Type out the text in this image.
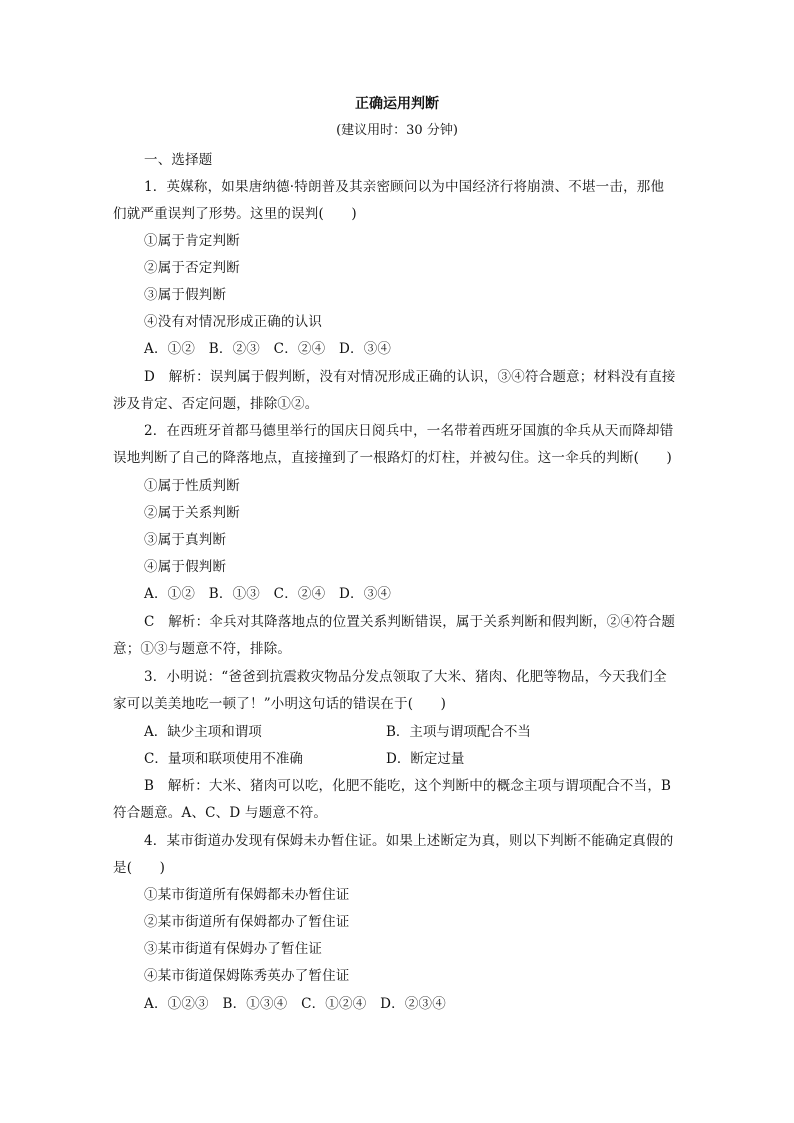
正确运用判断
(建议用时：30 分钟)
一、选择题
1．英媒称，如果唐纳德·特朗普及其亲密顾问以为中国经济行将崩溃、不堪一击，那他
们就严重误判了形势。这里的误判(　　)
①属于肯定判断
②属于否定判断
③属于假判断
④没有对情况形成正确的认识
A．①②　B．②③　C．②④　D．③④
D　解析：误判属于假判断，没有对情况形成正确的认识，③④符合题意；材料没有直接
涉及肯定、否定问题，排除①②。
2．在西班牙首都马德里举行的国庆日阅兵中，一名带着西班牙国旗的伞兵从天而降却错
误地判断了自己的降落地点，直接撞到了一根路灯的灯柱，并被勾住。这一伞兵的判断(　　)
①属于性质判断
②属于关系判断
③属于真判断
④属于假判断
A．①②　B．①③　C．②④　D．③④
C　解析：伞兵对其降落地点的位置关系判断错误，属于关系判断和假判断，②④符合题
意；①③与题意不符，排除。
3．小明说：“爸爸到抗震救灾物品分发点领取了大米、猪肉、化肥等物品，今天我们全
家可以美美地吃一顿了！”小明这句话的错误在于(　　)
A．缺少主项和谓项	B．主项与谓项配合不当
C．量项和联项使用不准确	D．断定过量
B　解析：大米、猪肉可以吃，化肥不能吃，这个判断中的概念主项与谓项配合不当，B
符合题意。A、C、D 与题意不符。
4．某市街道办发现有保姆未办暂住证。如果上述断定为真，则以下判断不能确定真假的
是(　　)
①某市街道所有保姆都未办暂住证
②某市街道所有保姆都办了暂住证
③某市街道有保姆办了暂住证
④某市街道保姆陈秀英办了暂住证
A．①②③　B．①③④　C．①②④　D．②③④
